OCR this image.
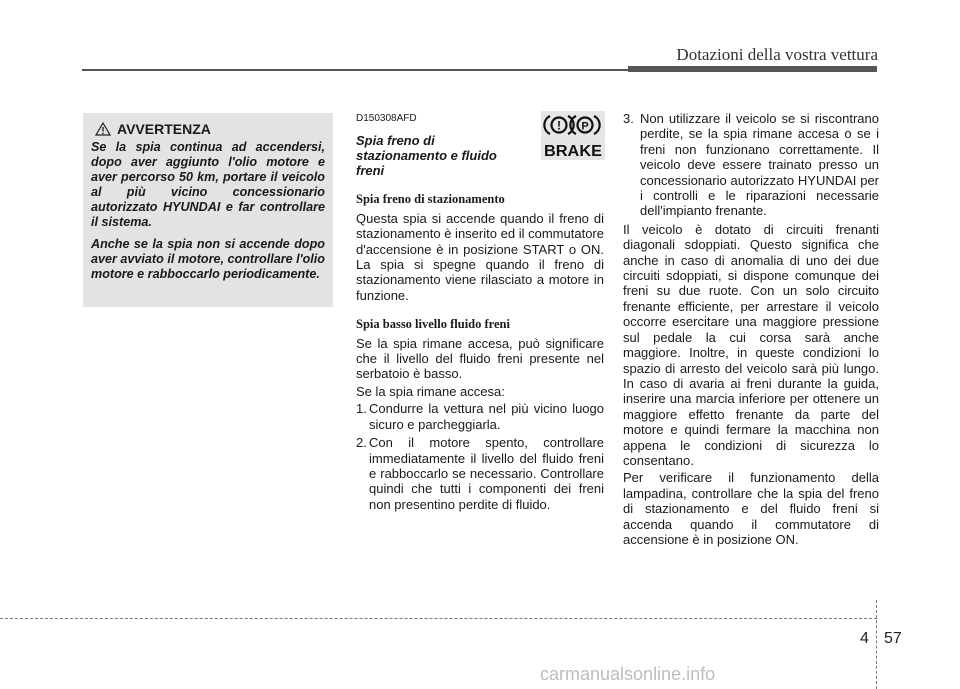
Dotazioni della vostra vettura
AVVERTENZA

Se la spia continua ad accendersi, dopo aver aggiunto l'olio motore e aver percorso 50 km, portare il veicolo al più vicino concessionario autorizzato HYUNDAI e far controllare il sistema.

Anche se la spia non si accende dopo aver avviato il motore, controllare l'olio motore e rabboccarlo periodicamente.

D150308AFD
Spia freno di stazionamento e fluido freni
Spia freno di stazionamento

Questa spia si accende quando il freno di stazionamento è inserito ed il commutatore d'accensione è in posizione START o ON. La spia si spegne quando il freno di stazionamento viene rilasciato a motore in funzione.

Spia basso livello fluido freni

Se la spia rimane accesa, può significare che il livello del fluido freni presente nel serbatoio è basso.

Se la spia rimane accesa:

1. Condurre la vettura nel più vicino luogo sicuro e parcheggiarla.
2. Con il motore spento, controllare immediatamente il livello del fluido freni e rabboccarlo se necessario. Controllare quindi che tutti i componenti dei freni non presentino perdite di fluido.
! P
BRAKE
3. Non utilizzare il veicolo se si riscontrano perdite, se la spia rimane accesa o se i freni non funzionano correttamente. Il veicolo deve essere trainato presso un concessionario autorizzato HYUNDAI per i controlli e le riparazioni necessarie dell'impianto frenante.

Il veicolo è dotato di circuiti frenanti diagonali sdoppiati. Questo significa che anche in caso di anomalia di uno dei due circuiti sdoppiati, si dispone comunque dei freni su due ruote. Con un solo circuito frenante efficiente, per arrestare il veicolo occorre esercitare una maggiore pressione sul pedale la cui corsa sarà anche maggiore. Inoltre, in queste condizioni lo spazio di arresto del veicolo sarà più lungo. In caso di avaria ai freni durante la guida, inserire una marcia inferiore per ottenere un maggiore effetto frenante da parte del motore e quindi fermare la macchina non appena le condizioni di sicurezza lo consentano.

Per verificare il funzionamento della lampadina, controllare che la spia del freno di stazionamento e del fluido freni si accenda quando il commutatore di accensione è in posizione ON.

4 57
carmanualsonline.info
